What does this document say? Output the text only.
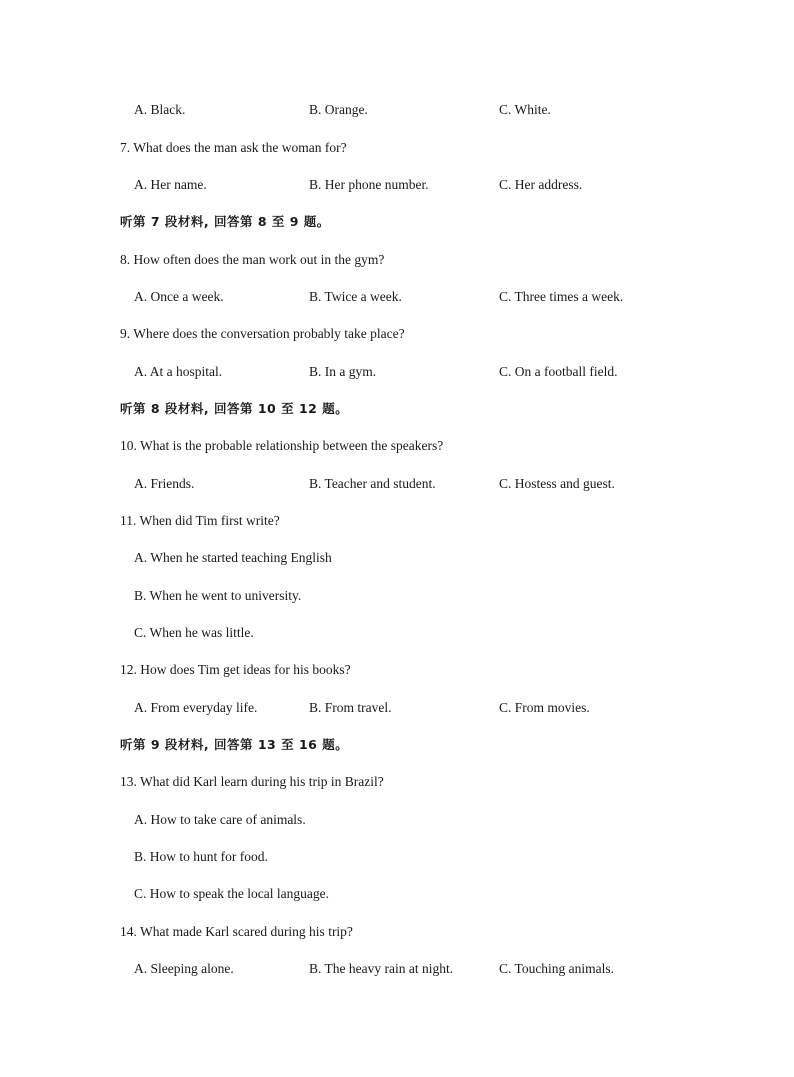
A. Black.	B. Orange.	C. White.
7. What does the man ask the woman for?
A. Her name.	B. Her phone number.	C. Her address.
听第 7 段材料, 回答第 8 至 9 题。
8. How often does the man work out in the gym?
A. Once a week.	B. Twice a week.	C. Three times a week.
9. Where does the conversation probably take place?
A. At a hospital.	B. In a gym.	C. On a football field.
听第 8 段材料, 回答第 10 至 12 题。
10. What is the probable relationship between the speakers?
A. Friends.	B. Teacher and student.	C. Hostess and guest.
11. When did Tim first write?
A. When he started teaching English
B. When he went to university.
C. When he was little.
12. How does Tim get ideas for his books?
A. From everyday life.	B. From travel.	C. From movies.
听第 9 段材料, 回答第 13 至 16 题。
13. What did Karl learn during his trip in Brazil?
A. How to take care of animals.
B. How to hunt for food.
C. How to speak the local language.
14. What made Karl scared during his trip?
A. Sleeping alone.	B. The heavy rain at night.	C. Touching animals.
